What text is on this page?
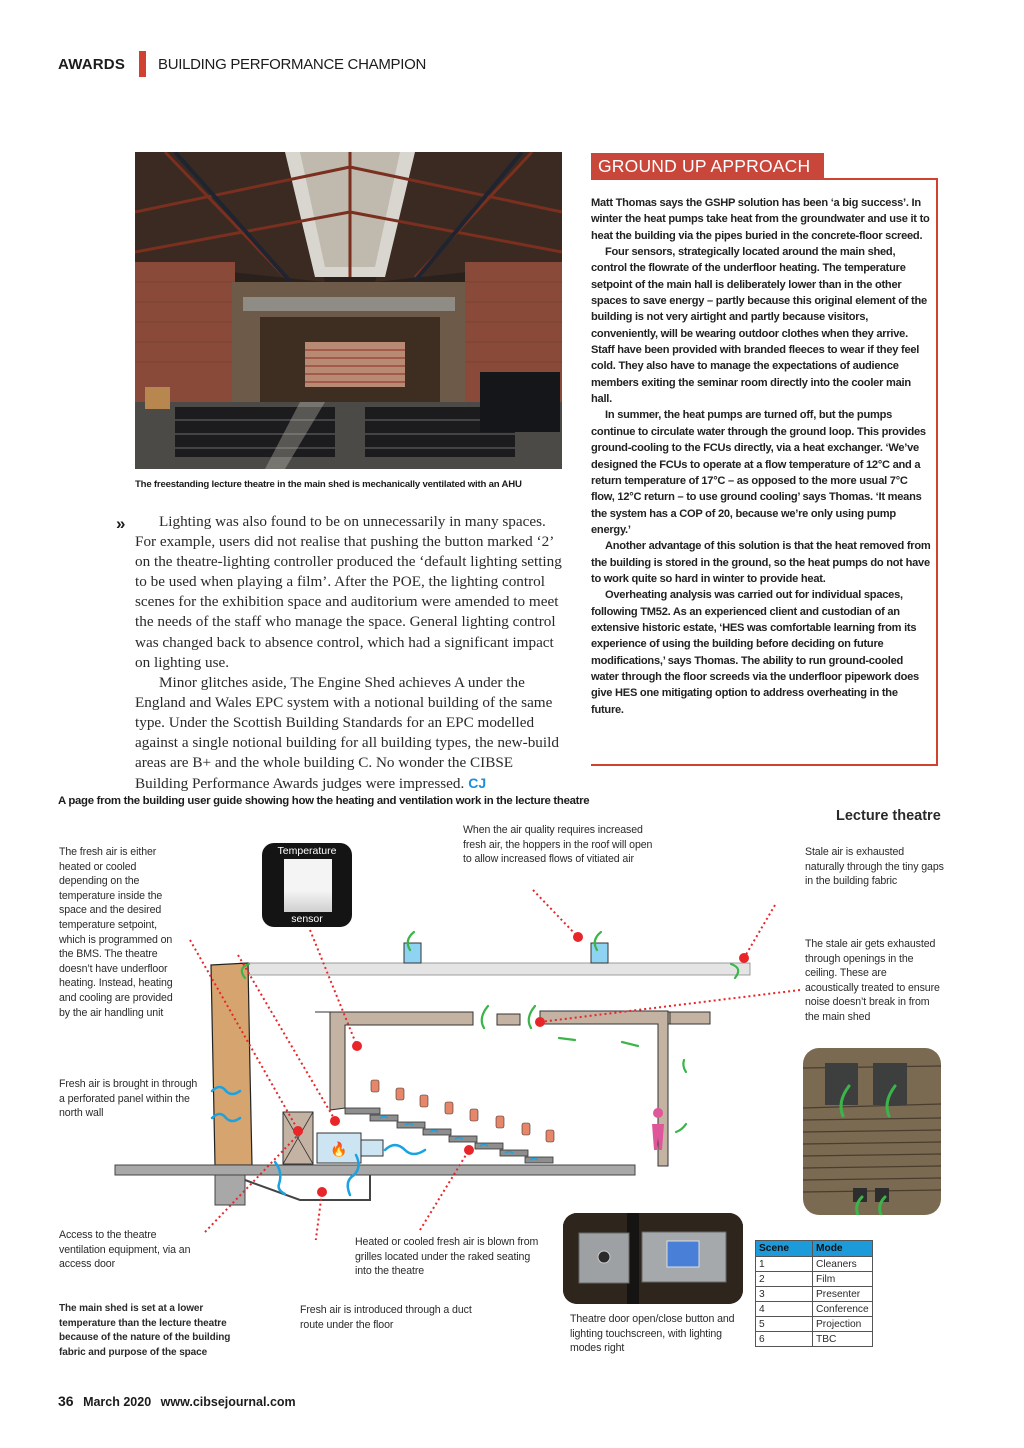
AWARDS BUILDING PERFORMANCE CHAMPION
The freestanding lecture theatre in the main shed is mechanically ventilated with an AHU
»	Lighting was also found to be on unnecessarily in many spaces. For example, users did not realise that pushing the button marked ‘2’ on the theatre-lighting controller produced the ‘default lighting setting to be used when playing a film’. After the POE, the lighting control scenes for the exhibition space and auditorium were amended to meet the needs of the staff who manage the space. General lighting control was changed back to absence control, which had a significant impact on lighting use.

Minor glitches aside, The Engine Shed achieves A under the England and Wales EPC system with a notional building of the same type. Under the Scottish Building Standards for an EPC modelled against a single notional building for all building types, the new-build areas are B+ and the whole building C. No wonder the CIBSE Building Performance Awards judges were impressed. CJ

GROUND UP APPROACH

Matt Thomas says the GSHP solution has been ‘a big success’. In winter the heat pumps take heat from the groundwater and use it to heat the building via the pipes buried in the concrete-floor screed.

Four sensors, strategically located around the main shed, control the flowrate of the underfloor heating. The temperature setpoint of the main hall is deliberately lower than in the other spaces to save energy – partly because this original element of the building is not very airtight and partly because visitors, conveniently, will be wearing outdoor clothes when they arrive. Staff have been provided with branded fleeces to wear if they feel cold. They also have to manage the expectations of audience members exiting the seminar room directly into the cooler main hall.

In summer, the heat pumps are turned off, but the pumps continue to circulate water through the ground loop. This provides ground-cooling to the FCUs directly, via a heat exchanger. ‘We’ve designed the FCUs to operate at a flow temperature of 12°C and a return temperature of 17°C – as opposed to the more usual 7°C flow, 12°C return – to use ground cooling’ says Thomas. ‘It means the system has a COP of 20, because we’re only using pump energy.’

Another advantage of this solution is that the heat removed from the building is stored in the ground, so the heat pumps do not have to work quite so hard in winter to provide heat.

Overheating analysis was carried out for individual spaces, following TM52. As an experienced client and custodian of an extensive historic estate, ‘HES was comfortable learning from its experience of using the building before deciding on future modifications,’ says Thomas. The ability to run ground-cooled water through the floor screeds via the underfloor pipework does give HES one mitigating option to address overheating in the future.

A page from the building user guide showing how the heating and ventilation work in the lecture theatre
Lecture theatre
🔥
Temperature
sensor
The fresh air is either heated or cooled depending on the temperature inside the space and the desired temperature setpoint, which is programmed on the BMS. The theatre doesn’t have underfloor heating. Instead, heating and cooling are provided by the air handling unit
Fresh air is brought in through a perforated panel within the north wall
When the air quality requires increased fresh air, the hoppers in the roof will open to allow increased flows of vitiated air
Stale air is exhausted naturally through the tiny gaps in the building fabric
The stale air gets exhausted through openings in the ceiling. These are acoustically treated to ensure noise doesn’t break in from the main shed
Access to the theatre ventilation equipment, via an access door
Heated or cooled fresh air is blown from grilles located under the raked seating into the theatre
Fresh air is introduced through a duct route under the floor
The main shed is set at a lower temperature than the lecture theatre because of the nature of the building fabric and purpose of the space
Theatre door open/close button and lighting touchscreen, with lighting modes right
Scene	Mode
1	Cleaners
2	Film
3	Presenter
4	Conference
5	Projection
6	TBC
36 March 2020 www.cibsejournal.com
